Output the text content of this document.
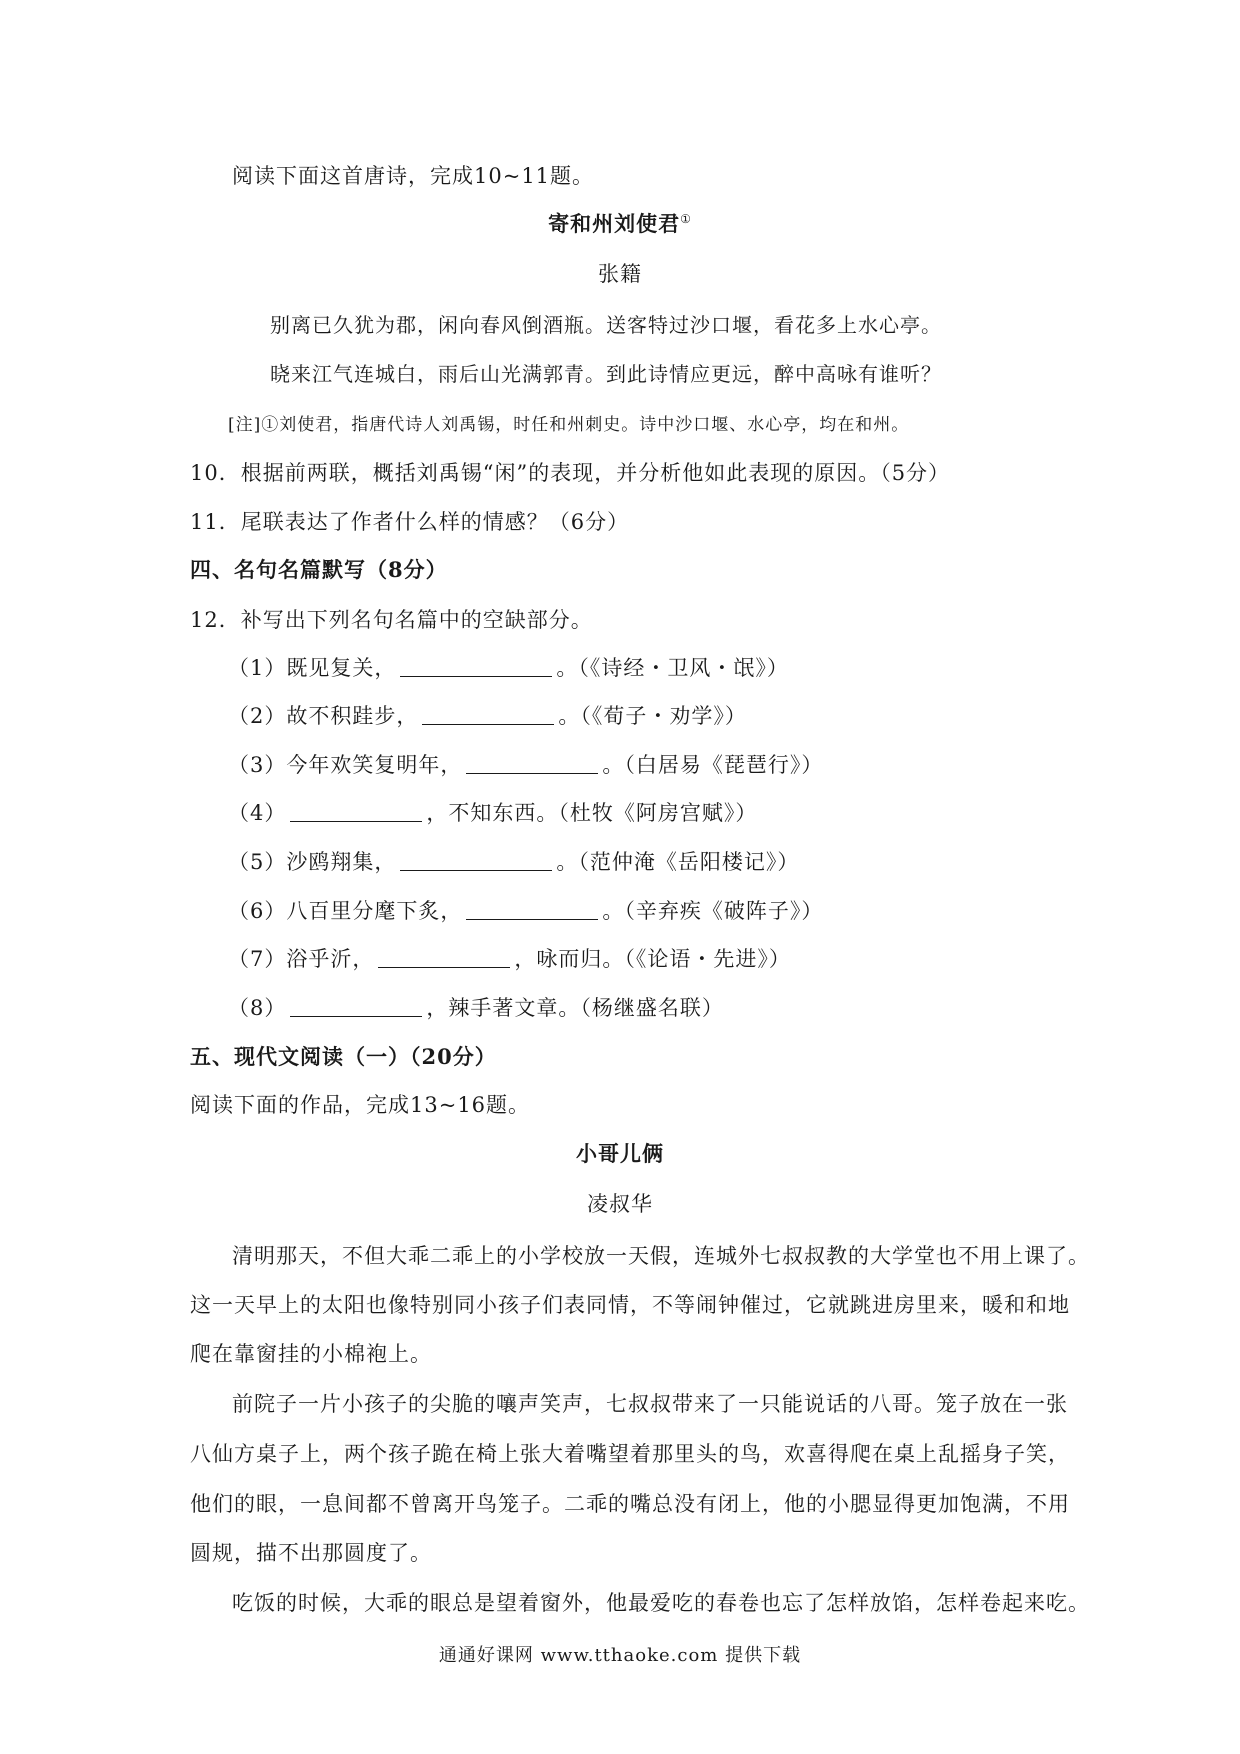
阅读下面这首唐诗，完成10~11题。
寄和州刘使君①
张籍
别离已久犹为郡，闲向春风倒酒瓶。送客特过沙口堰，看花多上水心亭。
晓来江气连城白，雨后山光满郭青。到此诗情应更远，醉中高咏有谁听？
[注]①刘使君，指唐代诗人刘禹锡，时任和州刺史。诗中沙口堰、水心亭，均在和州。
10．根据前两联，概括刘禹锡“闲”的表现，并分析他如此表现的原因。（5分）
11．尾联表达了作者什么样的情感？（6分）
四、名句名篇默写（8分）
12．补写出下列名句名篇中的空缺部分。
（1）既见复关，	。（《诗经・卫风・氓》）
（2）故不积跬步，	。（《荀子・劝学》）
（3）今年欢笑复明年，	。（白居易《琵琶行》）
（4）	，不知东西。（杜牧《阿房宫赋》）
（5）沙鸥翔集，	。（范仲淹《岳阳楼记》）
（6）八百里分麾下炙，	。（辛弃疾《破阵子》）
（7）浴乎沂，	，咏而归。（《论语・先进》）
（8）	，辣手著文章。（杨继盛名联）
五、现代文阅读（一）（20分）
阅读下面的作品，完成13~16题。
小哥儿俩
凌叔华
清明那天，不但大乖二乖上的小学校放一天假，连城外七叔叔教的大学堂也不用上课了。
这一天早上的太阳也像特别同小孩子们表同情，不等闹钟催过，它就跳进房里来，暖和和地
爬在靠窗挂的小棉袍上。
前院子一片小孩子的尖脆的嚷声笑声，七叔叔带来了一只能说话的八哥。笼子放在一张
八仙方桌子上，两个孩子跪在椅上张大着嘴望着那里头的鸟，欢喜得爬在桌上乱摇身子笑，
他们的眼，一息间都不曾离开鸟笼子。二乖的嘴总没有闭上，他的小腮显得更加饱满，不用
圆规，描不出那圆度了。
吃饭的时候，大乖的眼总是望着窗外，他最爱吃的春卷也忘了怎样放馅，怎样卷起来吃。
通通好课网 www.tthaoke.com 提供下载
